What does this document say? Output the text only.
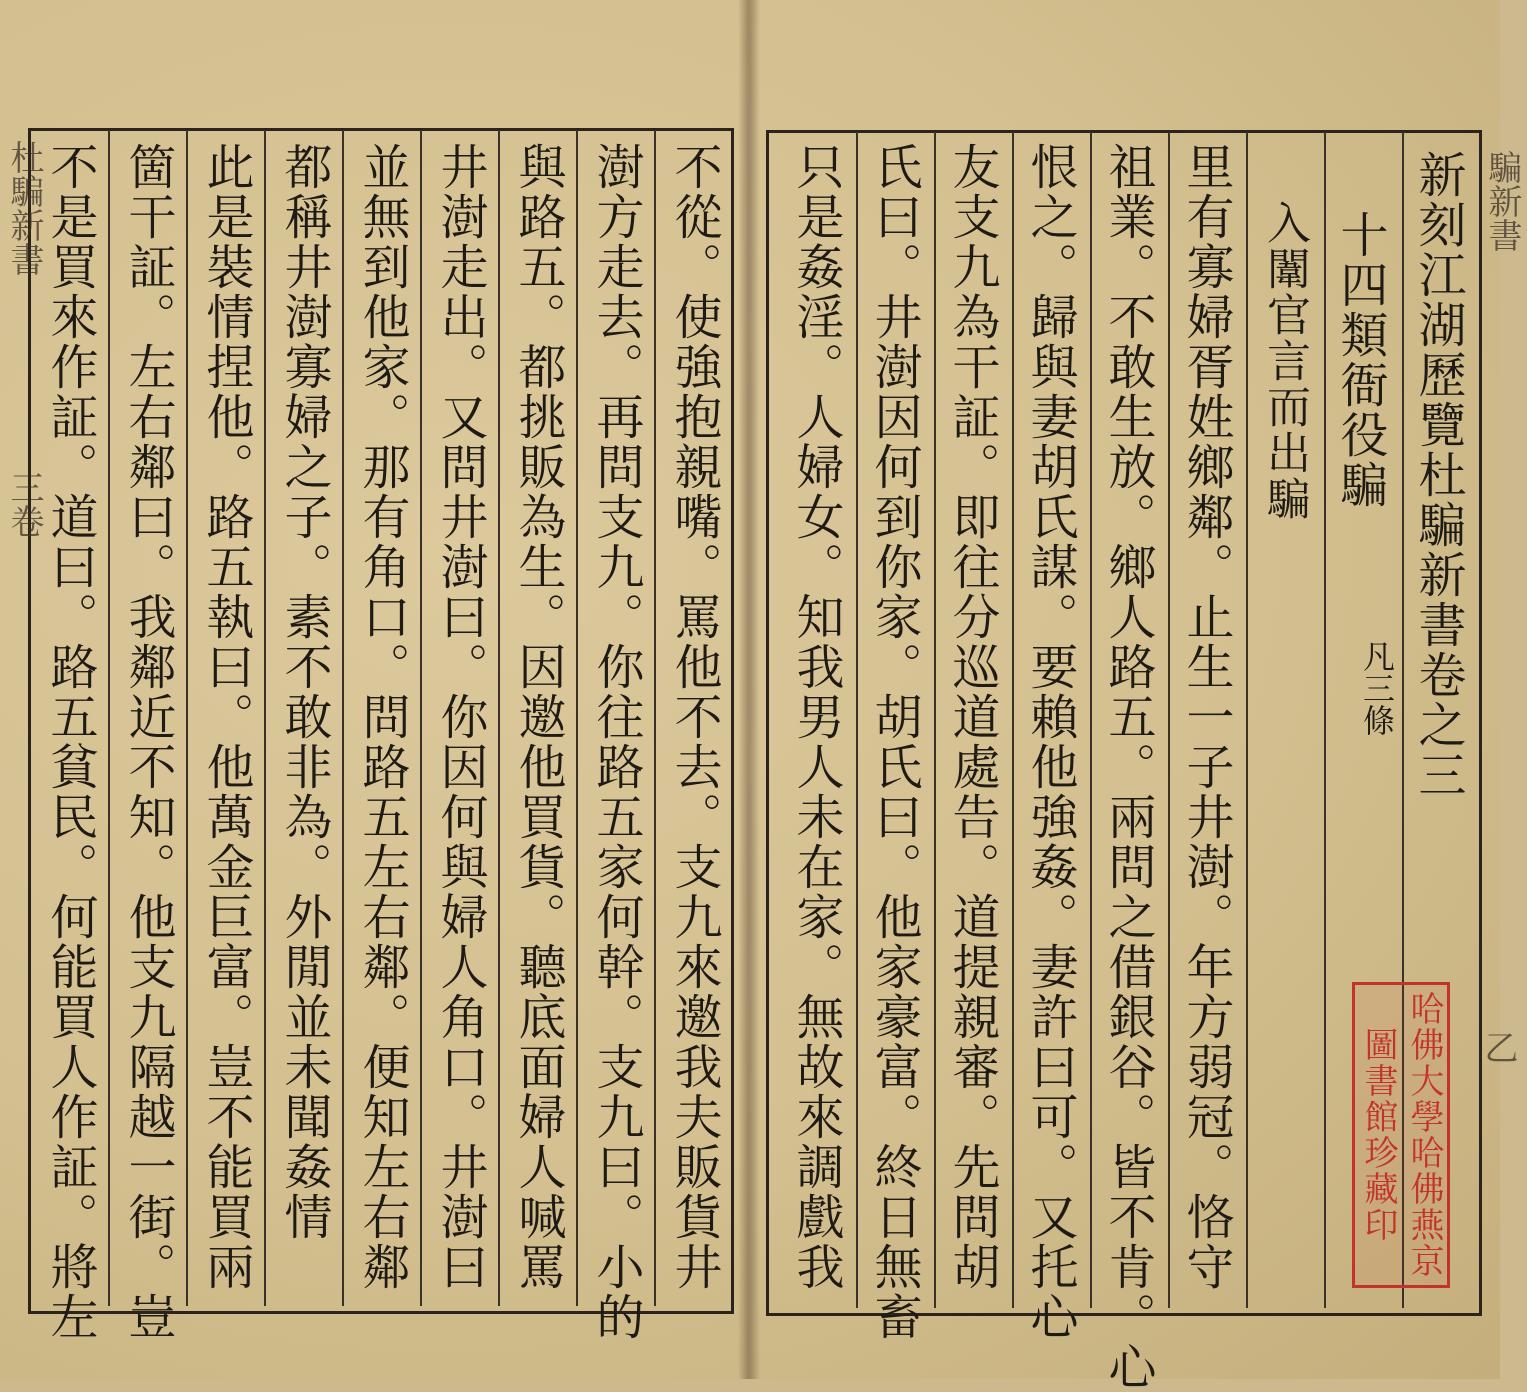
不從。使強抱親嘴。罵他不去。支九來邀我夫販貨井
澍方走去。再問支九。你往路五家何幹。支九曰。小的
與路五。都挑販為生。因邀他買貨。聽底面婦人喊罵
井澍走出。又問井澍曰。你因何與婦人角口。井澍曰
並無到他家。那有角口。問路五左右鄰。便知左右鄰
都稱井澍寡婦之子。素不敢非為。外閒並未聞姦情
此是裝情捏他。路五執曰。他萬金巨富。豈不能買兩
箇干証。左右鄰曰。我鄰近不知。他支九隔越一街。豈
不是買來作証。道曰。路五貧民。何能買人作証。將左
杜騙新書
三卷	新刻江湖歷覽杜騙新書卷之三
十四類衙役騙
凡三條
入闈官言而出騙
里有寡婦胥姓鄉鄰。止生一子井澍。年方弱冠。恪守
祖業。不敢生放。鄉人路五。兩問之借銀谷。皆不肯。心
恨之。歸與妻胡氏謀。要賴他強姦。妻許曰可。又托心
友支九為干証。即往分巡道處告。道提親審。先問胡
氏曰。井澍因何到你家。胡氏曰。他家豪富。終日無畜
只是姦淫。人婦女。知我男人未在家。無故來調戲我	騙新書
乙
哈佛大學哈佛燕京
圖書館珍藏印
